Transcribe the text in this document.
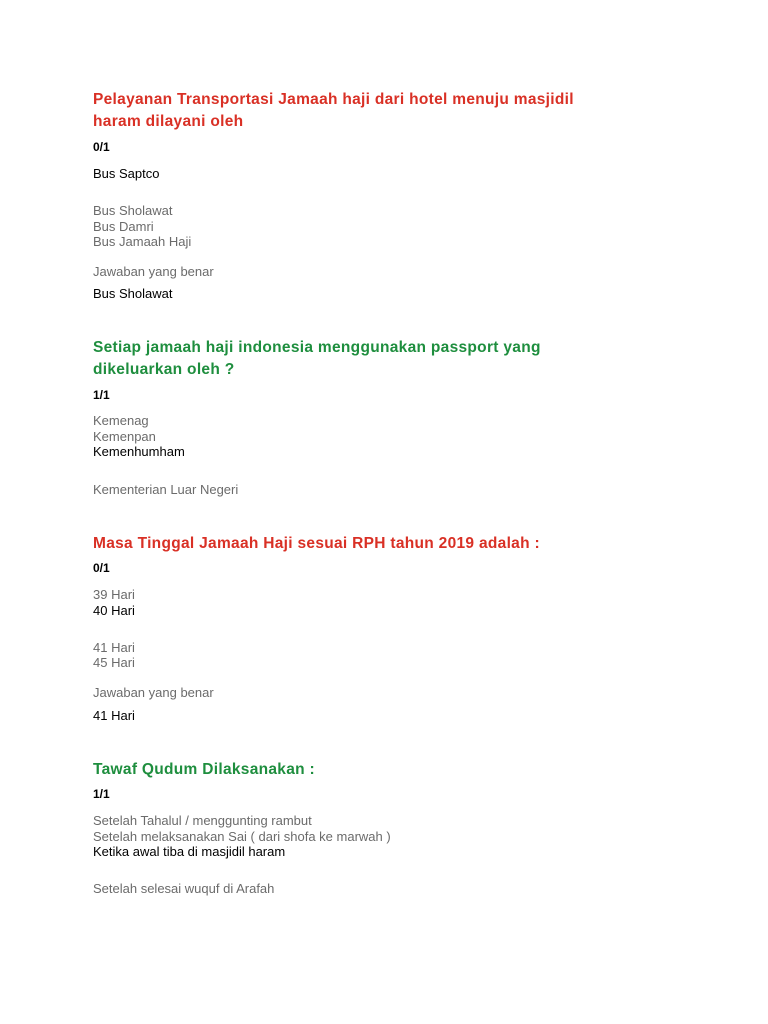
Pelayanan Transportasi Jamaah haji dari hotel menuju masjidil
haram dilayani oleh
0/1
Bus Saptco
Bus Sholawat
Bus Damri
Bus Jamaah Haji
Jawaban yang benar
Bus Sholawat
Setiap jamaah haji indonesia menggunakan passport yang
dikeluarkan oleh ?
1/1
Kemenag
Kemenpan
Kemenhumham
Kementerian Luar Negeri
Masa Tinggal Jamaah Haji sesuai RPH tahun 2019 adalah :
0/1
39 Hari
40 Hari
41 Hari
45 Hari
Jawaban yang benar
41 Hari
Tawaf Qudum Dilaksanakan :
1/1
Setelah Tahalul / menggunting rambut
Setelah melaksanakan Sai ( dari shofa ke marwah )
Ketika awal tiba di masjidil haram
Setelah selesai wuquf di Arafah
